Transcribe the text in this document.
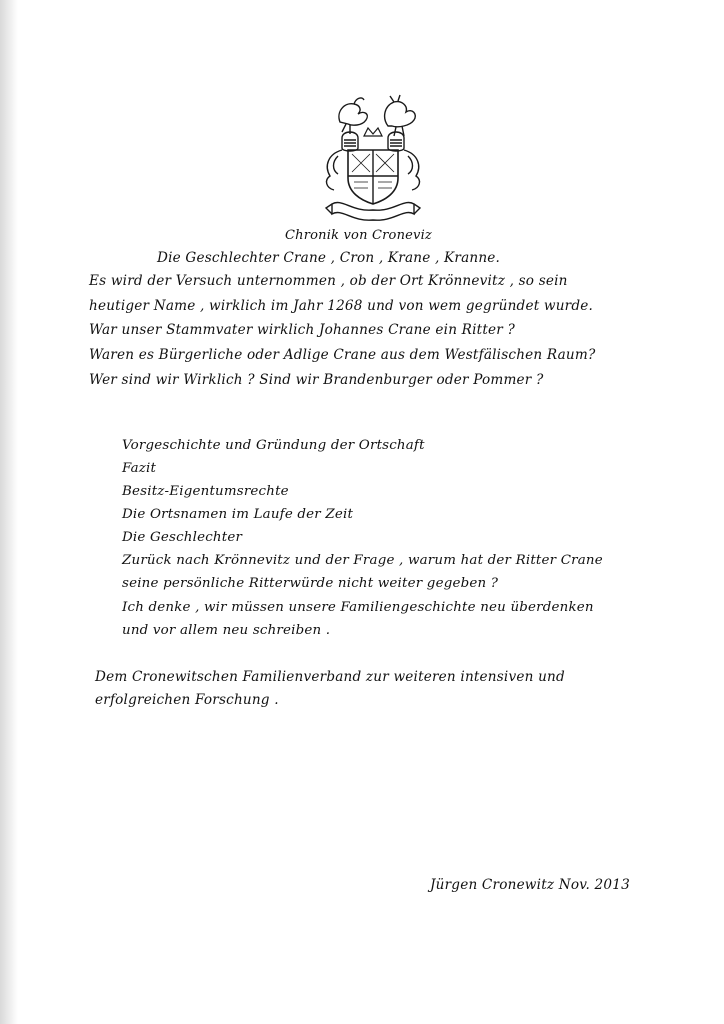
Chronik von Croneviz
Die Geschlechter Crane , Cron , Krane , Kranne.
Es wird der Versuch unternommen , ob der Ort Krönnevitz , so sein
heutiger Name , wirklich im Jahr 1268 und von wem gegründet wurde.
War unser Stammvater wirklich Johannes Crane ein Ritter ?
Waren es Bürgerliche oder Adlige Crane aus dem Westfälischen Raum?
Wer sind wir Wirklich ? Sind wir Brandenburger oder Pommer ?
Vorgeschichte und Gründung der Ortschaft
Fazit
Besitz-Eigentumsrechte
Die Ortsnamen im Laufe der Zeit
Die Geschlechter
Zurück nach Krönnevitz und der Frage , warum hat der Ritter Crane
seine persönliche Ritterwürde nicht weiter gegeben ?
Ich denke , wir müssen unsere Familiengeschichte neu überdenken
und vor allem neu schreiben .
Dem Cronewitschen Familienverband zur weiteren intensiven und
erfolgreichen Forschung .
Jürgen Cronewitz Nov. 2013
